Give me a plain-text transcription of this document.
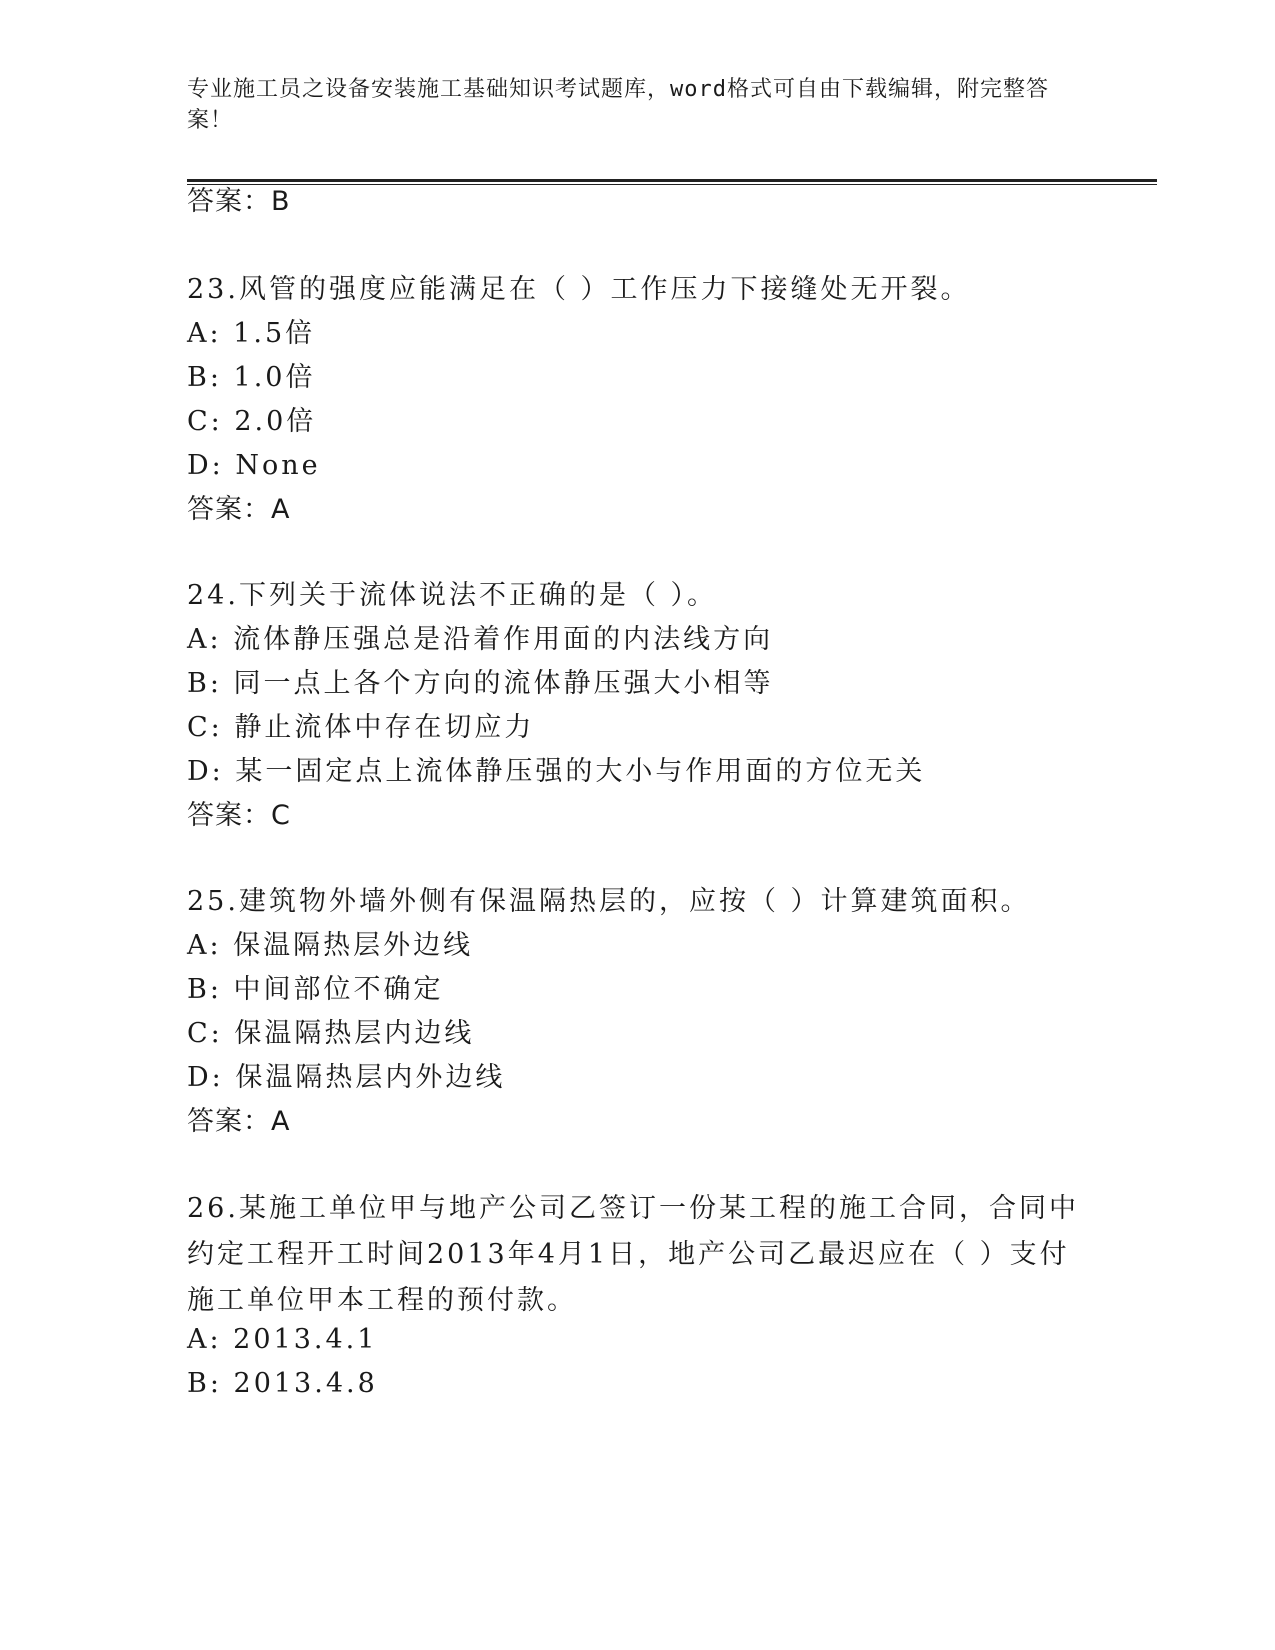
专业施工员之设备安装施工基础知识考试题库，word格式可自由下载编辑，附完整答案！
答案：B
23.风管的强度应能满足在（ ）工作压力下接缝处无开裂。
A: 1.5倍
B: 1.0倍
C: 2.0倍
D: None
答案：A
24.下列关于流体说法不正确的是（ ）。
A: 流体静压强总是沿着作用面的内法线方向
B: 同一点上各个方向的流体静压强大小相等
C: 静止流体中存在切应力
D: 某一固定点上流体静压强的大小与作用面的方位无关
答案：C
25.建筑物外墙外侧有保温隔热层的，应按（ ）计算建筑面积。
A: 保温隔热层外边线
B: 中间部位不确定
C: 保温隔热层内边线
D: 保温隔热层内外边线
答案：A
26.某施工单位甲与地产公司乙签订一份某工程的施工合同，合同中约定工程开工时间2013年4月1日，地产公司乙最迟应在（ ）支付施工单位甲本工程的预付款。
A: 2013.4.1
B: 2013.4.8
